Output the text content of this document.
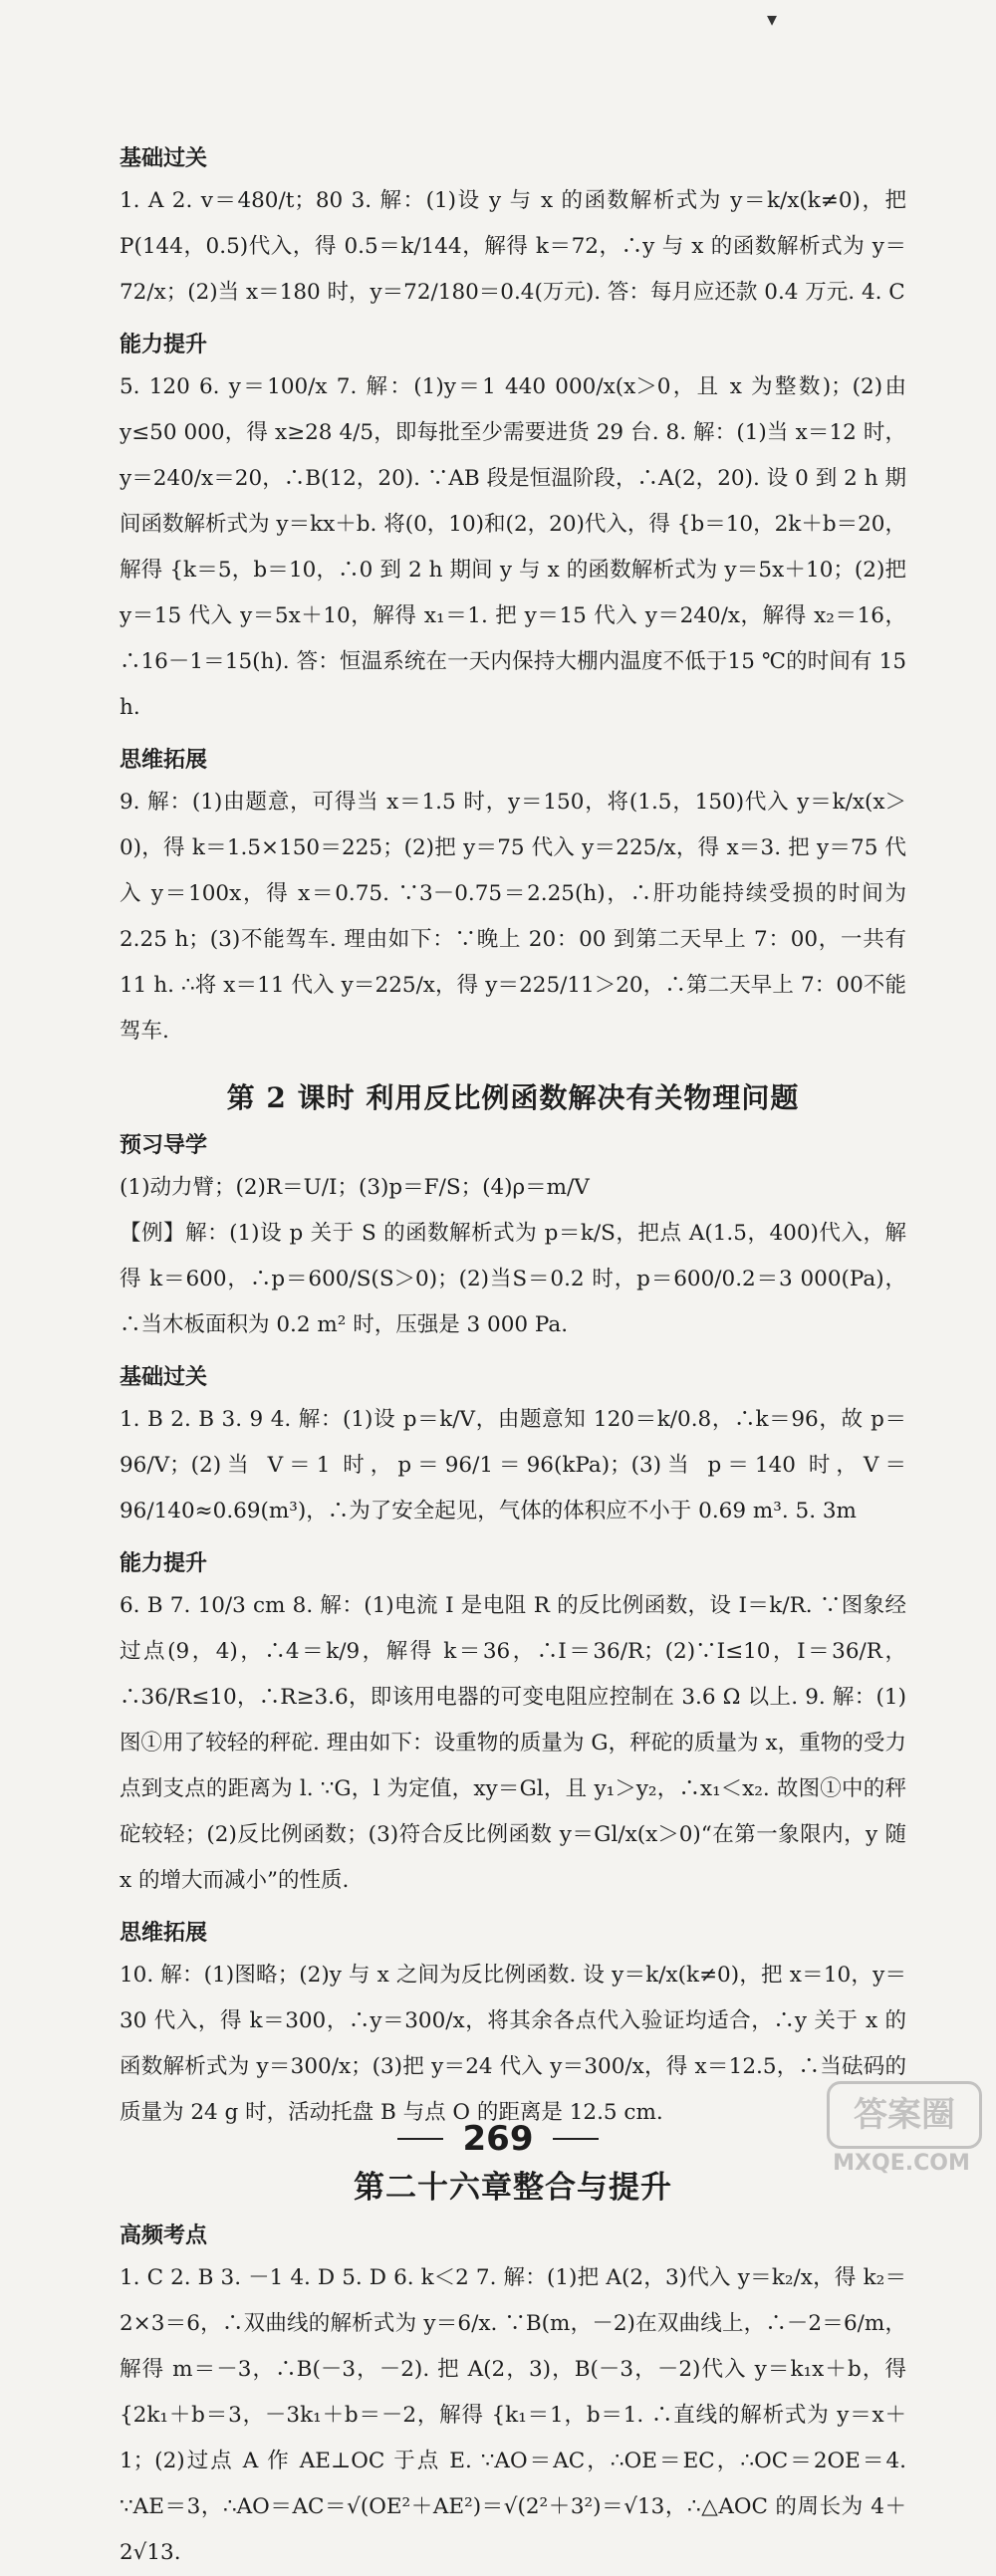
▾
基础过关

1. A 2. v＝480/t；80 3. 解：(1)设 y 与 x 的函数解析式为 y＝k/x(k≠0)，把 P(144，0.5)代入，得 0.5＝k/144，解得 k＝72，∴y 与 x 的函数解析式为 y＝72/x；(2)当 x＝180 时，y＝72/180＝0.4(万元). 答：每月应还款 0.4 万元. 4. C

能力提升

5. 120 6. y＝100/x 7. 解：(1)y＝1 440 000/x(x＞0，且 x 为整数)；(2)由 y≤50 000，得 x≥28 4/5，即每批至少需要进货 29 台. 8. 解：(1)当 x＝12 时，y＝240/x＝20，∴B(12，20). ∵AB 段是恒温阶段，∴A(2，20). 设 0 到 2 h 期间函数解析式为 y＝kx＋b. 将(0，10)和(2，20)代入，得 {b＝10，2k＋b＝20，解得 {k＝5，b＝10，∴0 到 2 h 期间 y 与 x 的函数解析式为 y＝5x＋10；(2)把 y＝15 代入 y＝5x＋10，解得 x₁＝1. 把 y＝15 代入 y＝240/x，解得 x₂＝16，∴16－1＝15(h). 答：恒温系统在一天内保持大棚内温度不低于15 ℃的时间有 15 h.

思维拓展

9. 解：(1)由题意，可得当 x＝1.5 时，y＝150，将(1.5，150)代入 y＝k/x(x＞0)，得 k＝1.5×150＝225；(2)把 y＝75 代入 y＝225/x，得 x＝3. 把 y＝75 代入 y＝100x，得 x＝0.75. ∵3－0.75＝2.25(h)，∴肝功能持续受损的时间为 2.25 h；(3)不能驾车. 理由如下：∵晚上 20：00 到第二天早上 7：00，一共有 11 h. ∴将 x＝11 代入 y＝225/x，得 y＝225/11＞20，∴第二天早上 7：00不能驾车.

第 2 课时 利用反比例函数解决有关物理问题
预习导学

(1)动力臂；(2)R＝U/I；(3)p＝F/S；(4)ρ＝m/V

【例】解：(1)设 p 关于 S 的函数解析式为 p＝k/S，把点 A(1.5，400)代入，解得 k＝600，∴p＝600/S(S＞0)；(2)当S＝0.2 时，p＝600/0.2＝3 000(Pa)，∴当木板面积为 0.2 m² 时，压强是 3 000 Pa.

基础过关

1. B 2. B 3. 9 4. 解：(1)设 p＝k/V，由题意知 120＝k/0.8，∴k＝96，故 p＝96/V；(2)当 V＝1 时，p＝96/1＝96(kPa)；(3)当 p＝140 时，V＝96/140≈0.69(m³)，∴为了安全起见，气体的体积应不小于 0.69 m³. 5. 3m

能力提升

6. B 7. 10/3 cm 8. 解：(1)电流 I 是电阻 R 的反比例函数，设 I＝k/R. ∵图象经过点(9，4)，∴4＝k/9，解得 k＝36，∴I＝36/R；(2)∵I≤10，I＝36/R，∴36/R≤10，∴R≥3.6，即该用电器的可变电阻应控制在 3.6 Ω 以上. 9. 解：(1)图①用了较轻的秤砣. 理由如下：设重物的质量为 G，秤砣的质量为 x，重物的受力点到支点的距离为 l. ∵G，l 为定值，xy＝Gl，且 y₁＞y₂，∴x₁＜x₂. 故图①中的秤砣较轻；(2)反比例函数；(3)符合反比例函数 y＝Gl/x(x＞0)“在第一象限内，y 随 x 的增大而减小”的性质.

思维拓展

10. 解：(1)图略；(2)y 与 x 之间为反比例函数. 设 y＝k/x(k≠0)，把 x＝10，y＝30 代入，得 k＝300，∴y＝300/x，将其余各点代入验证均适合，∴y 关于 x 的函数解析式为 y＝300/x；(3)把 y＝24 代入 y＝300/x，得 x＝12.5，∴当砝码的质量为 24 g 时，活动托盘 B 与点 O 的距离是 12.5 cm.

第二十六章整合与提升
高频考点

1. C 2. B 3. －1 4. D 5. D 6. k＜2 7. 解：(1)把 A(2，3)代入 y＝k₂/x，得 k₂＝2×3＝6，∴双曲线的解析式为 y＝6/x. ∵B(m，－2)在双曲线上，∴－2＝6/m，解得 m＝－3，∴B(－3，－2). 把 A(2，3)，B(－3，－2)代入 y＝k₁x＋b，得 {2k₁＋b＝3，－3k₁＋b＝－2，解得 {k₁＝1，b＝1. ∴直线的解析式为 y＝x＋1；(2)过点 A 作 AE⊥OC 于点 E. ∵AO＝AC，∴OE＝EC，∴OC＝2OE＝4. ∵AE＝3，∴AO＝AC＝√(OE²＋AE²)＝√(2²＋3²)＝√13，∴△AOC 的周长为 4＋2√13.

269
答案圈
MXQE.COM
